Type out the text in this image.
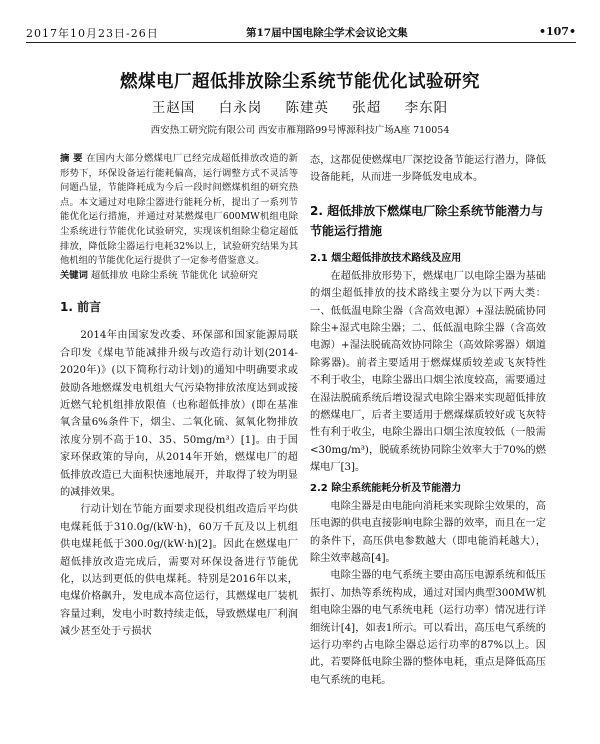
2017年10月23日-26日	第17届中国电除尘学术会议论文集	•107•
燃煤电厂超低排放除尘系统节能优化试验研究
王赵国 白永岗 陈建英 张超 李东阳
西安热工研究院有限公司 西安市雁翔路99号博源科技广场A座 710054
摘 要 在国内大部分燃煤电厂已经完成超低排放改造的新形势下，环保设备运行能耗偏高，运行调整方式不灵活等问题凸显，节能降耗成为今后一段时间燃煤机组的研究热点。本文通过对电除尘器进行能耗分析，提出了一系列节能优化运行措施，并通过对某燃煤电厂600MW机组电除尘系统进行节能优化试验研究，实现该机组除尘稳定超低排放，降低除尘器运行电耗32%以上，试验研究结果为其他机组的节能优化运行提供了一定参考借鉴意义。
关键词 超低排放 电除尘系统 节能优化 试验研究
1. 前言

2014年由国家发改委、环保部和国家能源局联合印发《煤电节能减排升级与改造行动计划(2014-2020年)》(以下简称行动计划)的通知中明确要求或鼓励各地燃煤发电机组大气污染物排放浓度达到或接近燃气轮机组排放限值（也称超低排放）(即在基准氧含量6%条件下，烟尘、二氧化硫、氮氧化物排放浓度分别不高于10、35、50mg/m³）[1]。由于国家环保政策的导向，从2014年开始，燃煤电厂的超低排放改造已大面积快速地展开，并取得了较为明显的减排效果。

行动计划在节能方面要求现役机组改造后平均供电煤耗低于310.0g/(kW·h)，60万千瓦及以上机组供电煤耗低于300.0g/(kW·h)[2]。因此在燃煤电厂超低排放改造完成后，需要对环保设备进行节能优化，以达到更低的供电煤耗。特别是2016年以来，电煤价格飙升，发电成本高位运行，其燃煤电厂装机容量过剩，发电小时数持续走低，导致燃煤电厂利润减少甚至处于亏损状

态，这都促使燃煤电厂深挖设备节能运行潜力，降低设备能耗，从而进一步降低发电成本。

2. 超低排放下燃煤电厂除尘系统节能潜力与节能运行措施
2.1 烟尘超低排放技术路线及应用

在超低排放形势下，燃煤电厂以电除尘器为基础的烟尘超低排放的技术路线主要分为以下两大类：一、低低温电除尘器（含高效电源）+湿法脱硫协同除尘+湿式电除尘器；二、低低温电除尘器（含高效电源）+湿法脱硫高效协同除尘（高效除雾器）烟道除雾器)。前者主要适用于燃煤煤质较差或飞灰特性不利于收尘，电除尘器出口烟尘浓度较高，需要通过在湿法脱硫系统后增设湿式电除尘器来实现超低排放的燃煤电厂，后者主要适用于燃煤煤质较好或飞灰特性有利于收尘，电除尘器出口烟尘浓度较低（一般需<30mg/m³)，脱硫系统协同除尘效率大于70%的燃煤电厂[3]。

2.2 除尘系统能耗分析及节能潜力

电除尘器是由电能向消耗来实现除尘效果的，高压电源的供电直接影响电除尘器的效率，而且在一定的条件下，高压供电参数越大（即电能消耗越大），除尘效率越高[4]。

电除尘器的电气系统主要由高压电源系统和低压振打、加热等系统构成，通过对国内典型300MW机组电除尘器的电气系统电耗（运行功率）情况进行详细统计[4]，如表1所示。可以看出，高压电气系统的运行功率约占电除尘器总运行功率的87%以上。因此，若要降低电除尘器的整体电耗，重点是降低高压电气系统的电耗。
